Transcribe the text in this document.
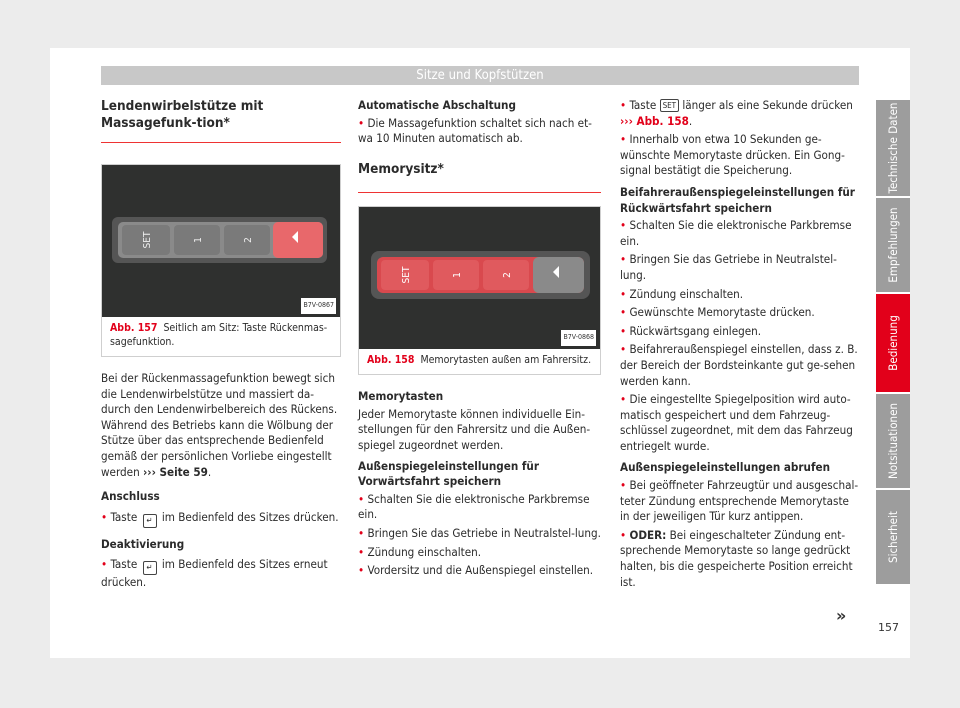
Sitze und Kopfstützen
Lendenwirbelstütze mit Massagefunk-tion*
SET	1	2
B7V-0867
Abb. 157 Seitlich am Sitz: Taste Rückenmas-sagefunktion.

Bei der Rückenmassagefunktion bewegt sich die Lendenwirbelstütze und massiert da-durch den Lendenwirbelbereich des Rückens. Während des Betriebs kann die Wölbung der Stütze über das entsprechende Bedienfeld gemäß der persönlichen Vorliebe eingestellt werden ››› Seite 59.

Anschluss

• Taste ↵ im Bedienfeld des Sitzes drücken.

Deaktivierung

• Taste ↵ im Bedienfeld des Sitzes erneut drücken.

Automatische Abschaltung

• Die Massagefunktion schaltet sich nach et-wa 10 Minuten automatisch ab.

Memorysitz*
SET	1	2
B7V-0868
Abb. 158 Memorytasten außen am Fahrersitz.

Memorytasten

Jeder Memorytaste können individuelle Ein-stellungen für den Fahrersitz und die Außen-spiegel zugeordnet werden.

Außenspiegeleinstellungen für Vorwärtsfahrt speichern

• Schalten Sie die elektronische Parkbremse ein.

• Bringen Sie das Getriebe in Neutralstel-lung.

• Zündung einschalten.

• Vordersitz und die Außenspiegel einstellen.

• Taste SET länger als eine Sekunde drücken
››› Abb. 158.

• Innerhalb von etwa 10 Sekunden ge-wünschte Memorytaste drücken. Ein Gong-signal bestätigt die Speicherung.

Beifahreraußenspiegeleinstellungen für Rückwärtsfahrt speichern

• Schalten Sie die elektronische Parkbremse ein.

• Bringen Sie das Getriebe in Neutralstel-lung.

• Zündung einschalten.

• Gewünschte Memorytaste drücken.

• Rückwärtsgang einlegen.

• Beifahreraußenspiegel einstellen, dass z. B. der Bereich der Bordsteinkante gut ge-sehen werden kann.

• Die eingestellte Spiegelposition wird auto-matisch gespeichert und dem Fahrzeug-schlüssel zugeordnet, mit dem das Fahrzeug entriegelt wurde.

Außenspiegeleinstellungen abrufen

• Bei geöffneter Fahrzeugtür und ausgeschal-teter Zündung entsprechende Memorytaste in der jeweiligen Tür kurz antippen.

• ODER: Bei eingeschalteter Zündung ent-sprechende Memorytaste so lange gedrückt halten, bis die gespeicherte Position erreicht ist.

»
Technische Daten
Empfehlungen
Bedienung
Notsituationen
Sicherheit
157
